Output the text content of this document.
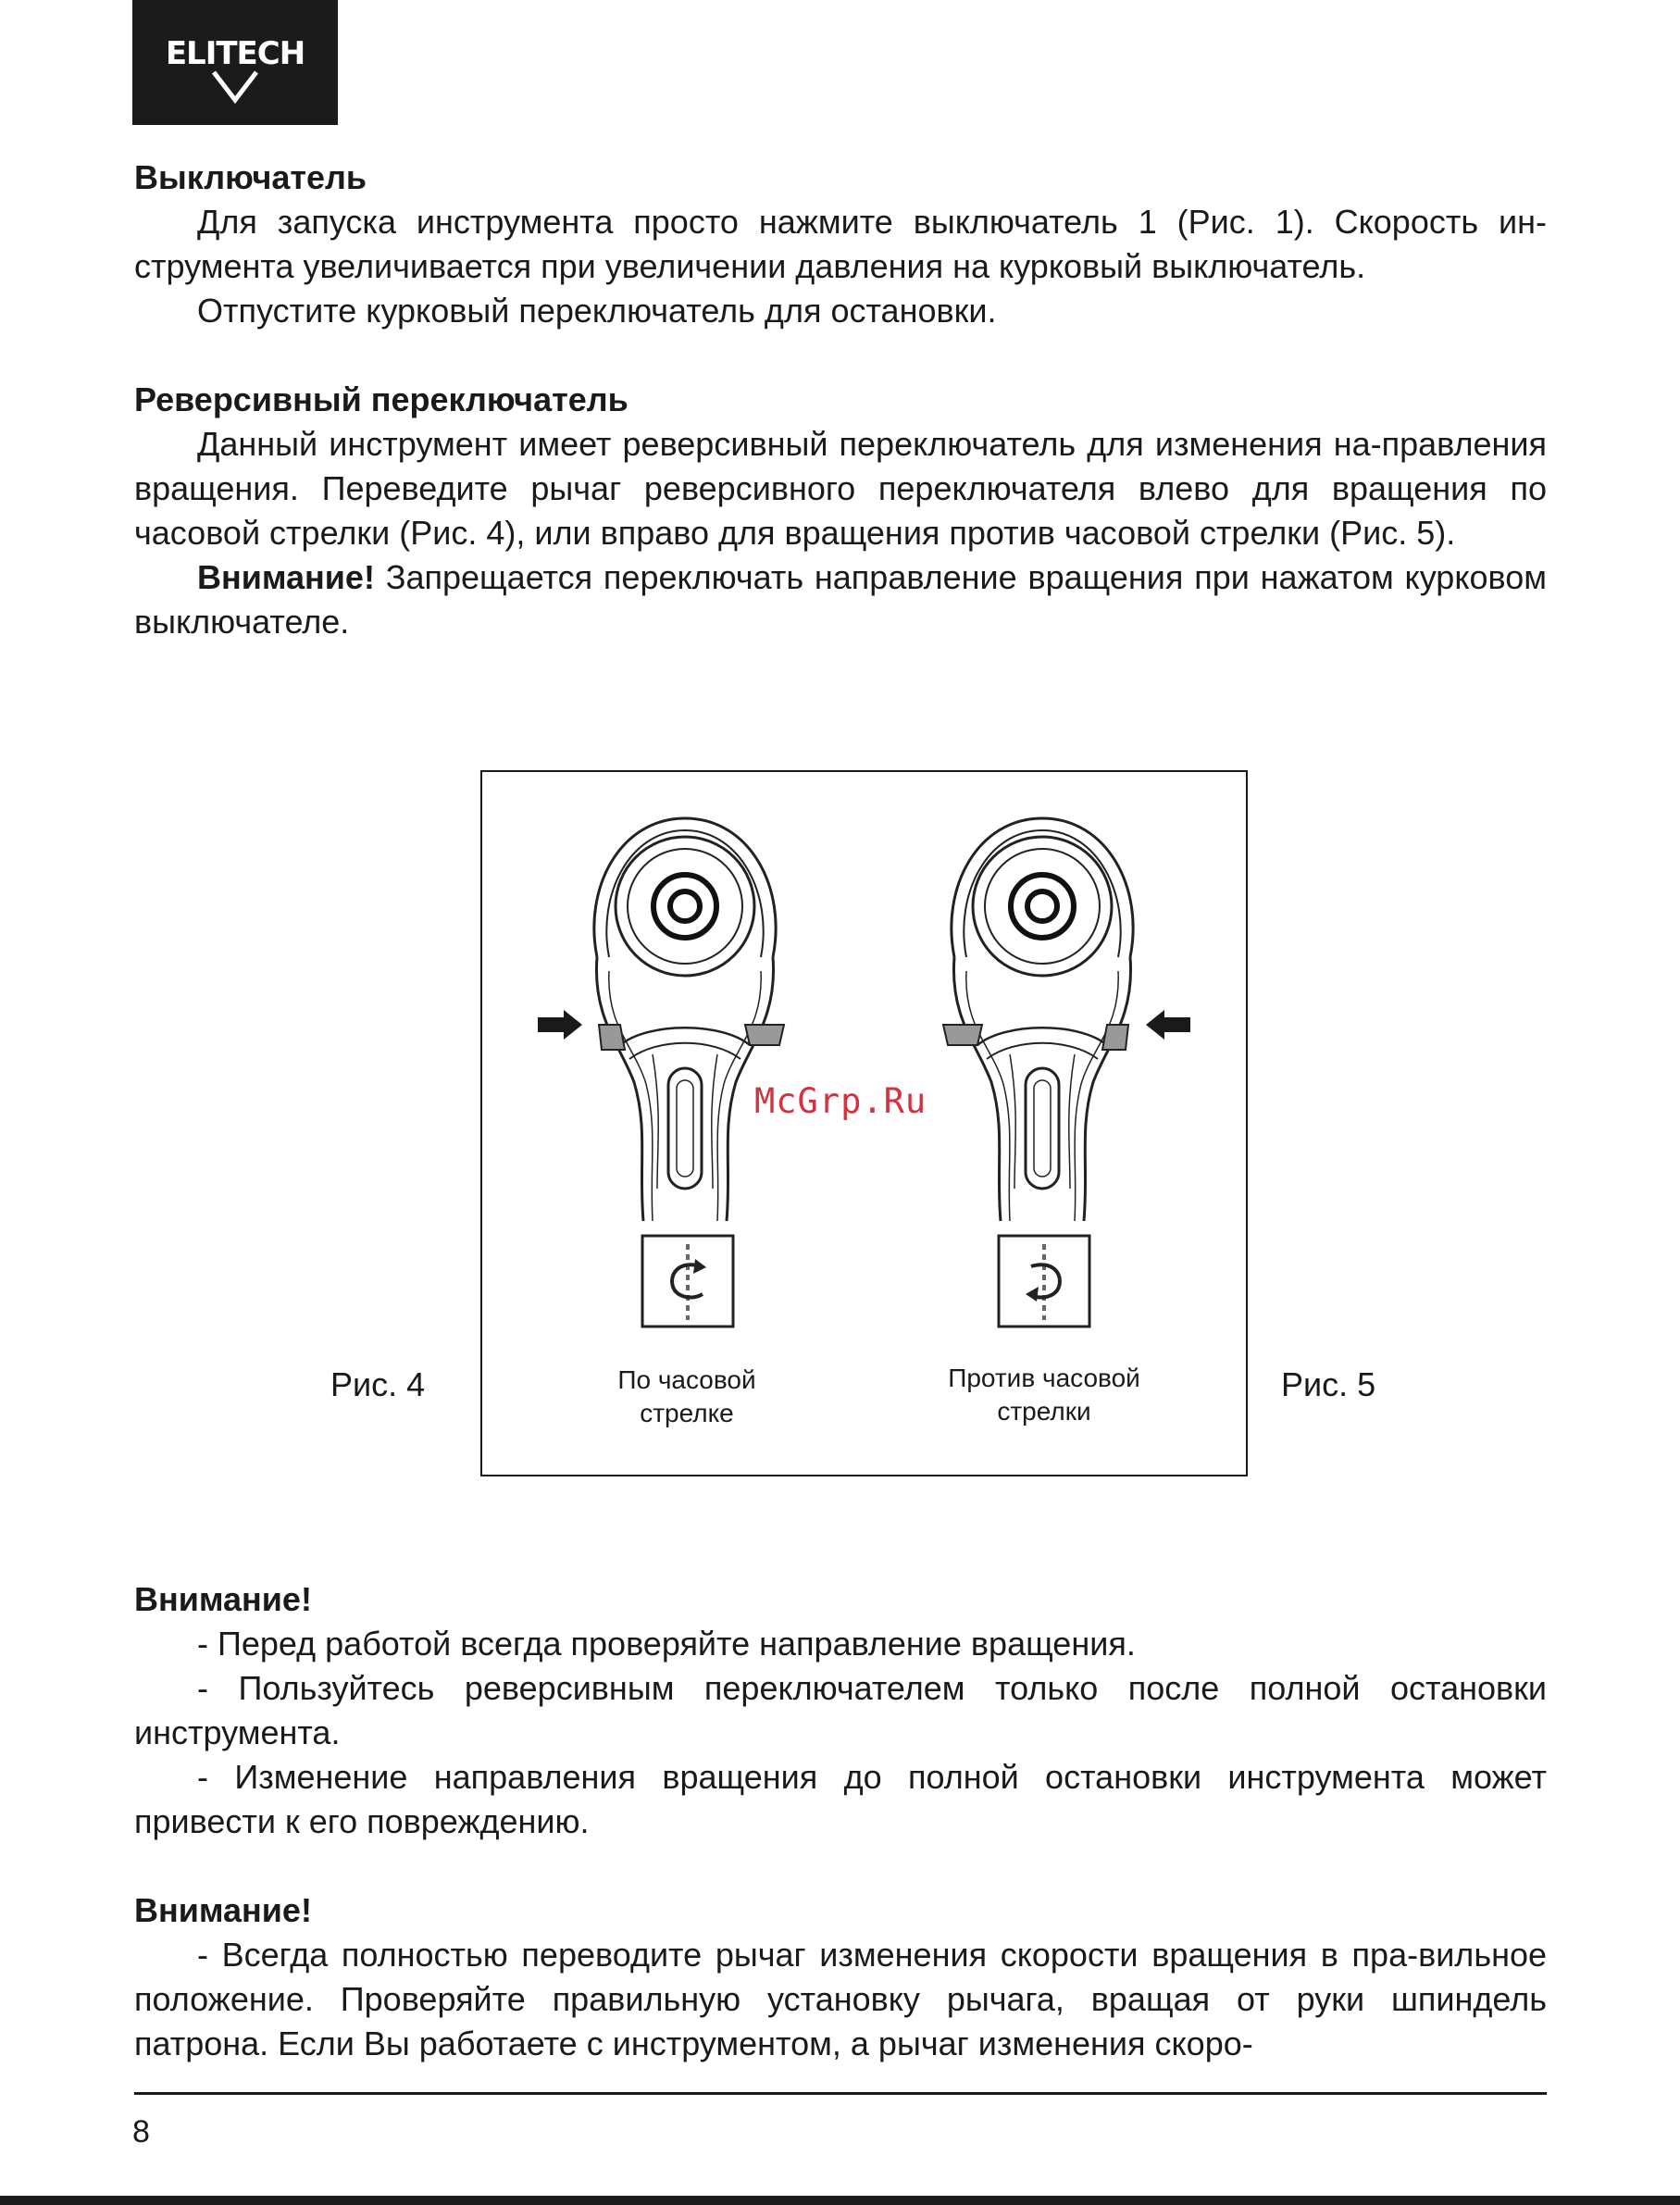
ELITECH

Выключатель

Для запуска инструмента просто нажмите выключатель 1 (Рис. 1). Скорость ин-струмента увеличивается при увеличении давления на курковый выключатель.

Отпустите курковый переключатель для остановки.

Реверсивный переключатель

Данный инструмент имеет реверсивный переключатель для изменения на-правления вращения. Переведите рычаг реверсивного переключателя влево для вращения по часовой стрелки (Рис. 4), или вправо для вращения против часовой стрелки (Рис. 5).

Внимание! Запрещается переключать направление вращения при нажатом курковом выключателе.

По часовой
стрелке
Против часовой
стрелки
Рис. 4	Рис. 5
McGrp.Ru

Внимание!

- Перед работой всегда проверяйте направление вращения.

- Пользуйтесь реверсивным переключателем только после полной остановки инструмента.

- Изменение направления вращения до полной остановки инструмента может привести к его повреждению.

Внимание!

- Всегда полностью переводите рычаг изменения скорости вращения в пра-вильное положение. Проверяйте правильную установку рычага, вращая от руки шпиндель патрона. Если Вы работаете с инструментом, а рычаг изменения скоро-

8
